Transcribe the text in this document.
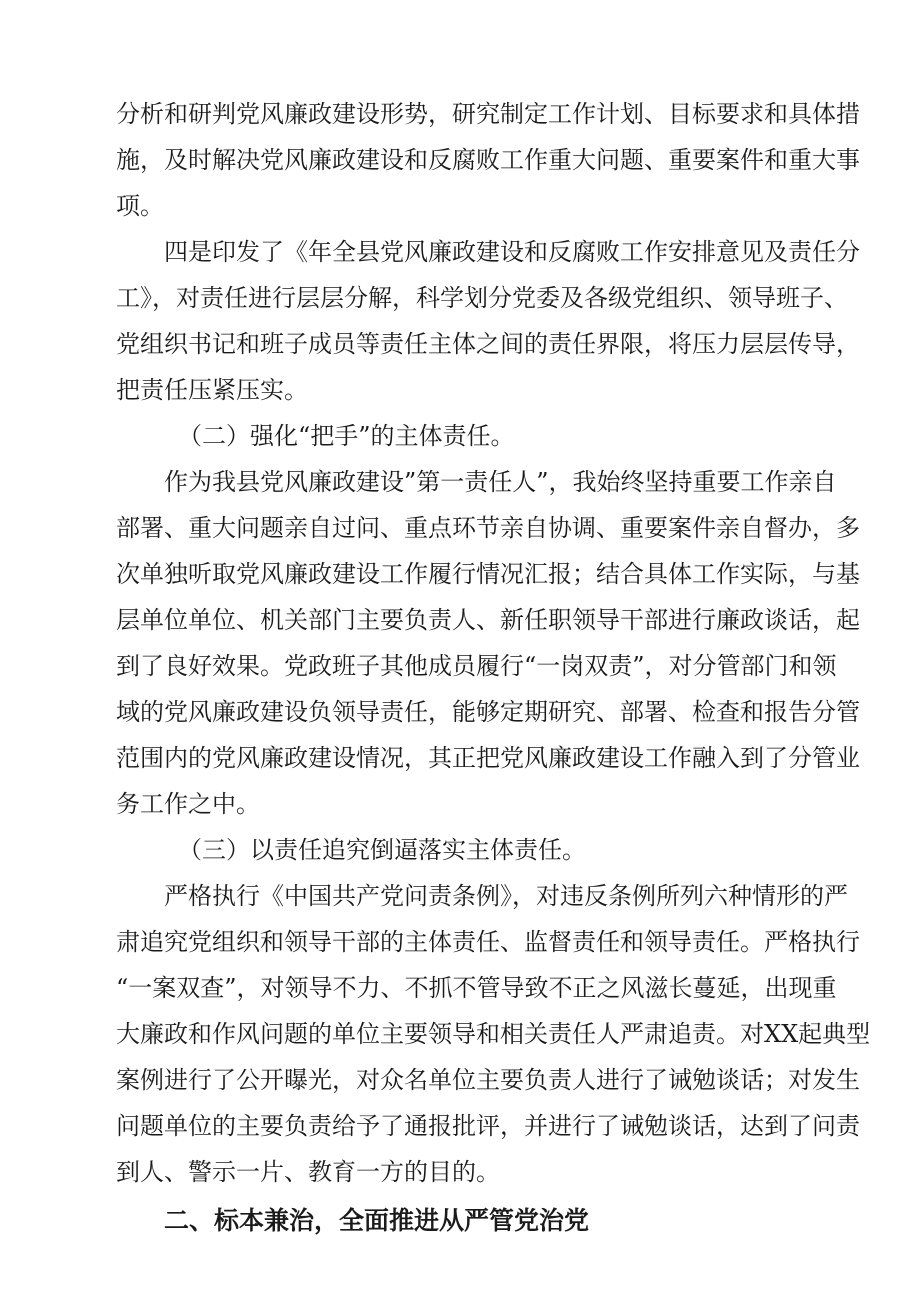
分析和研判党风廉政建设形势，研究制定工作计划、目标要求和具体措
施，及时解决党风廉政建设和反腐败工作重大问题、重要案件和重大事
项。
四是印发了《年全县党风廉政建设和反腐败工作安排意见及责任分
工》，对责任进行层层分解，科学划分党委及各级党组织、领导班子、
党组织书记和班子成员等责任主体之间的责任界限，将压力层层传导，
把责任压紧压实。
（二）强化“把手”的主体责任。
作为我县党风廉政建设”第一责任人”，我始终坚持重要工作亲自
部署、重大问题亲自过问、重点环节亲自协调、重要案件亲自督办，多
次单独听取党风廉政建设工作履行情况汇报；结合具体工作实际，与基
层单位单位、机关部门主要负责人、新任职领导干部进行廉政谈话，起
到了良好效果。党政班子其他成员履行“一岗双责”，对分管部门和领
域的党风廉政建设负领导责任，能够定期研究、部署、检查和报告分管
范围内的党风廉政建设情况，其正把党风廉政建设工作融入到了分管业
务工作之中。
（三）以责任追究倒逼落实主体责任。
严格执行《中国共产党问责条例》，对违反条例所列六种情形的严
肃追究党组织和领导干部的主体责任、监督责任和领导责任。严格执行
“一案双查”，对领导不力、不抓不管导致不正之风滋长蔓延，出现重
大廉政和作风问题的单位主要领导和相关责任人严肃追责。对XX起典型
案例进行了公开曝光，对众名单位主要负责人进行了诫勉谈话；对发生
问题单位的主要负责给予了通报批评，并进行了诫勉谈话，达到了问责
到人、警示一片、教育一方的目的。
二、标本兼治，全面推进从严管党治党
